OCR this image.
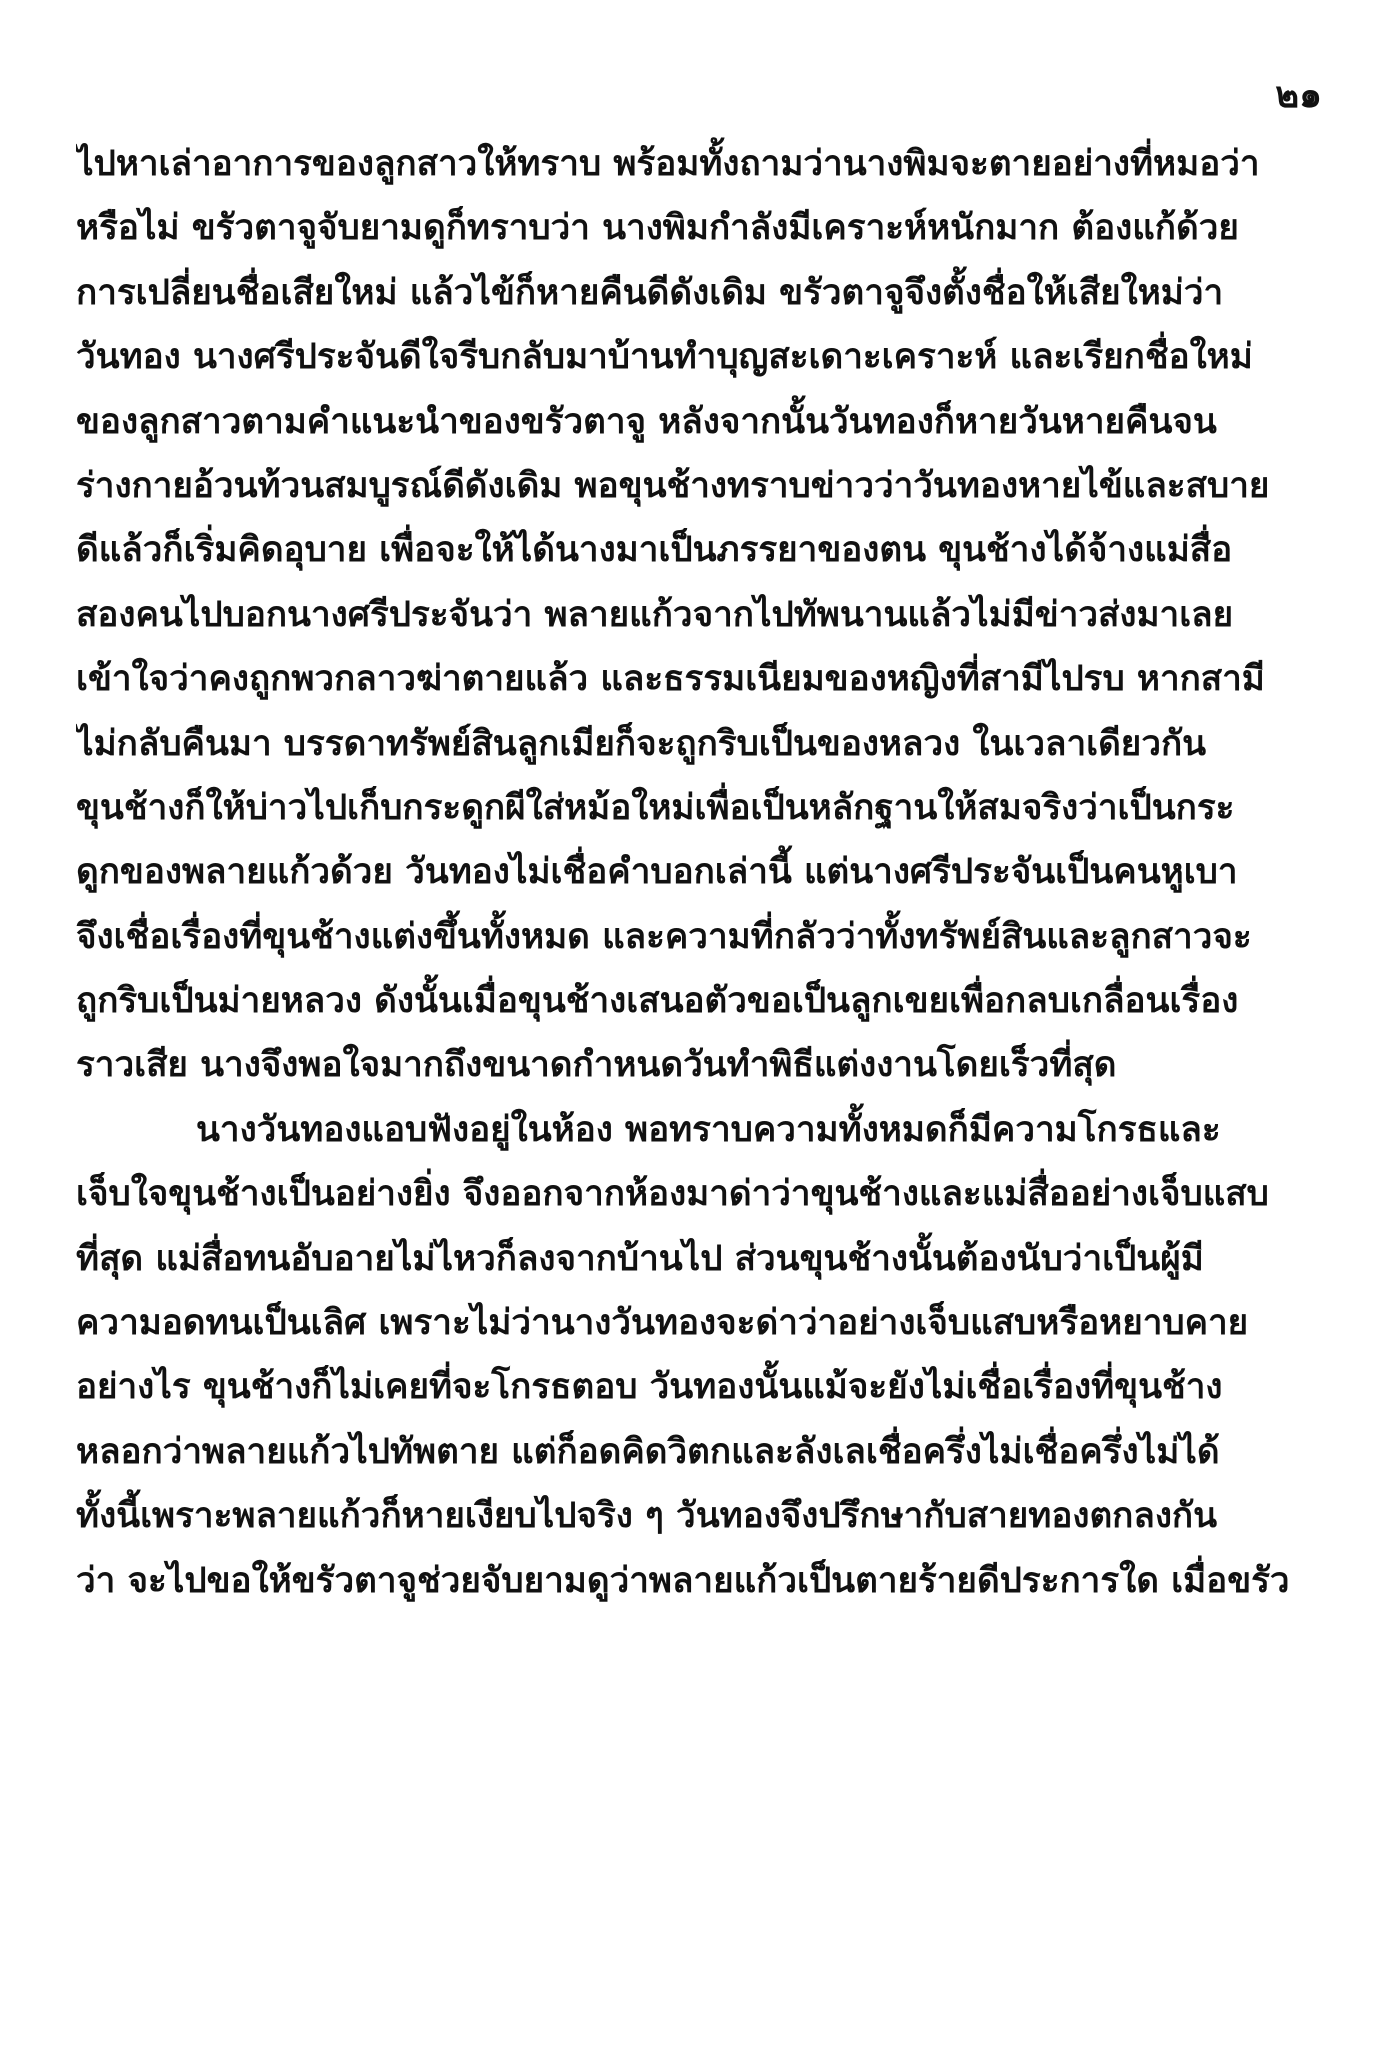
๒๑
ไปหาเล่าอาการของลูกสาวให้ทราบ พร้อมทั้งถามว่านางพิมจะตายอย่างที่หมอว่า
หรือไม่ ขรัวตาจูจับยามดูก็ทราบว่า นางพิมกำลังมีเคราะห์หนักมาก ต้องแก้ด้วย
การเปลี่ยนชื่อเสียใหม่ แล้วไข้ก็หายคืนดีดังเดิม ขรัวตาจูจึงตั้งชื่อให้เสียใหม่ว่า
วันทอง นางศรีประจันดีใจรีบกลับมาบ้านทำบุญสะเดาะเคราะห์ และเรียกชื่อใหม่
ของลูกสาวตามคำแนะนำของขรัวตาจู หลังจากนั้นวันทองก็หายวันหายคืนจน
ร่างกายอ้วนท้วนสมบูรณ์ดีดังเดิม พอขุนช้างทราบข่าวว่าวันทองหายไข้และสบาย
ดีแล้วก็เริ่มคิดอุบาย เพื่อจะให้ได้นางมาเป็นภรรยาของตน ขุนช้างได้จ้างแม่สื่อ
สองคนไปบอกนางศรีประจันว่า พลายแก้วจากไปทัพนานแล้วไม่มีข่าวส่งมาเลย
เข้าใจว่าคงถูกพวกลาวฆ่าตายแล้ว และธรรมเนียมของหญิงที่สามีไปรบ หากสามี
ไม่กลับคืนมา บรรดาทรัพย์สินลูกเมียก็จะถูกริบเป็นของหลวง ในเวลาเดียวกัน
ขุนช้างก็ให้บ่าวไปเก็บกระดูกผีใส่หม้อใหม่เพื่อเป็นหลักฐานให้สมจริงว่าเป็นกระ
ดูกของพลายแก้วด้วย วันทองไม่เชื่อคำบอกเล่านี้ แต่นางศรีประจันเป็นคนหูเบา
จึงเชื่อเรื่องที่ขุนช้างแต่งขึ้นทั้งหมด และความที่กลัวว่าทั้งทรัพย์สินและลูกสาวจะ
ถูกริบเป็นม่ายหลวง ดังนั้นเมื่อขุนช้างเสนอตัวขอเป็นลูกเขยเพื่อกลบเกลื่อนเรื่อง
ราวเสีย นางจึงพอใจมากถึงขนาดกำหนดวันทำพิธีแต่งงานโดยเร็วที่สุด
นางวันทองแอบฟังอยู่ในห้อง พอทราบความทั้งหมดก็มีความโกรธและ
เจ็บใจขุนช้างเป็นอย่างยิ่ง จึงออกจากห้องมาด่าว่าขุนช้างและแม่สื่ออย่างเจ็บแสบ
ที่สุด แม่สื่อทนอับอายไม่ไหวก็ลงจากบ้านไป ส่วนขุนช้างนั้นต้องนับว่าเป็นผู้มี
ความอดทนเป็นเลิศ เพราะไม่ว่านางวันทองจะด่าว่าอย่างเจ็บแสบหรือหยาบคาย
อย่างไร ขุนช้างก็ไม่เคยที่จะโกรธตอบ วันทองนั้นแม้จะยังไม่เชื่อเรื่องที่ขุนช้าง
หลอกว่าพลายแก้วไปทัพตาย แต่ก็อดคิดวิตกและลังเลเชื่อครึ่งไม่เชื่อครึ่งไม่ได้
ทั้งนี้เพราะพลายแก้วก็หายเงียบไปจริง ๆ วันทองจึงปรึกษากับสายทองตกลงกัน
ว่า จะไปขอให้ขรัวตาจูช่วยจับยามดูว่าพลายแก้วเป็นตายร้ายดีประการใด เมื่อขรัว
